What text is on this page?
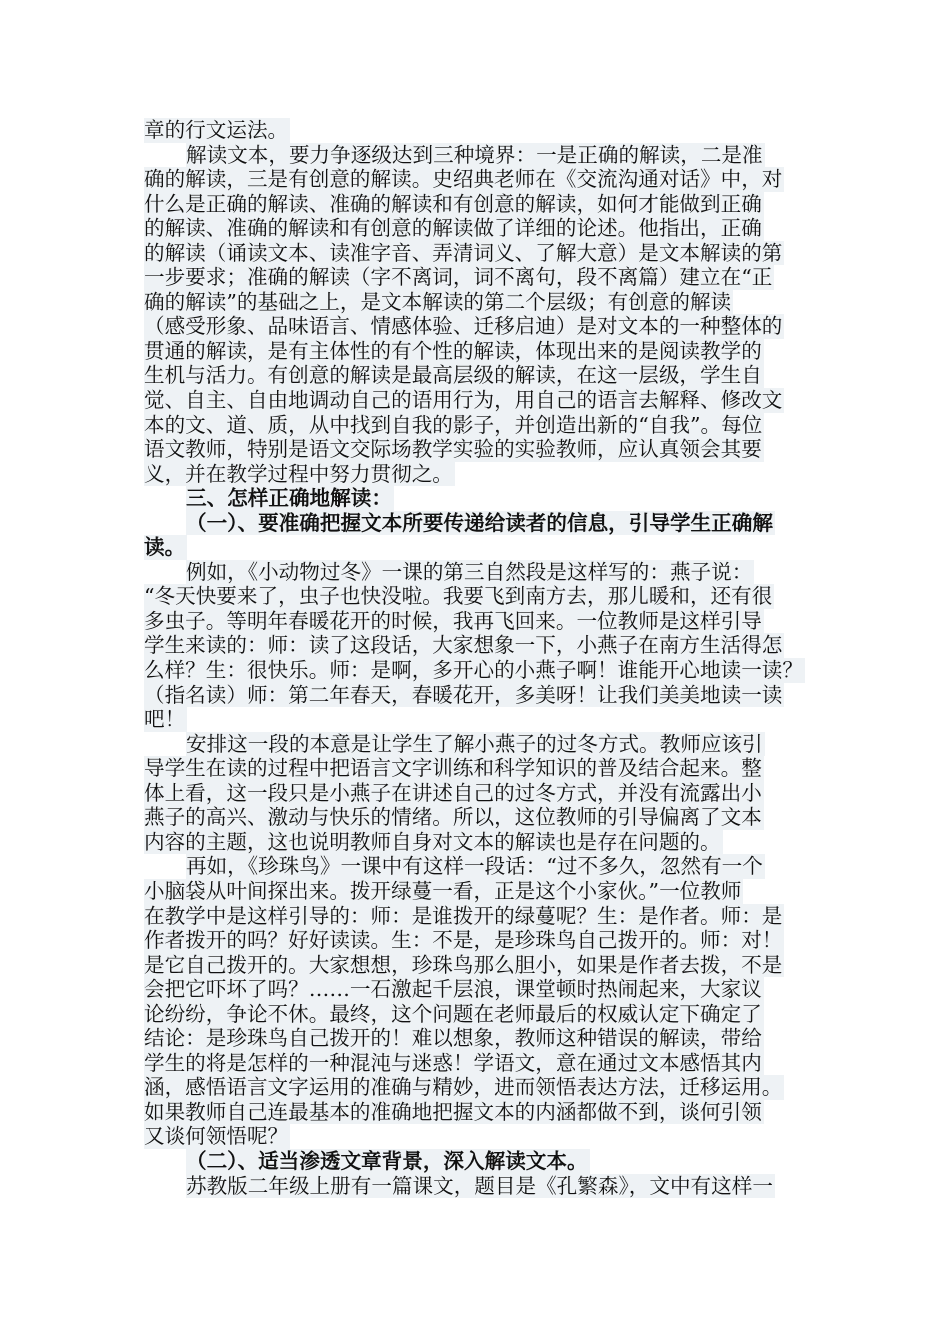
章的行文运法。
解读文本，要力争逐级达到三种境界：一是正确的解读，二是准
确的解读，三是有创意的解读。史绍典老师在《交流沟通对话》中，对
什么是正确的解读、准确的解读和有创意的解读，如何才能做到正确
的解读、准确的解读和有创意的解读做了详细的论述。他指出，正确
的解读（诵读文本、读准字音、弄清词义、了解大意）是文本解读的第
一步要求；准确的解读（字不离词，词不离句，段不离篇）建立在“正
确的解读”的基础之上，是文本解读的第二个层级；有创意的解读
（感受形象、品味语言、情感体验、迁移启迪）是对文本的一种整体的
贯通的解读，是有主体性的有个性的解读，体现出来的是阅读教学的
生机与活力。有创意的解读是最高层级的解读，在这一层级，学生自
觉、自主、自由地调动自己的语用行为，用自己的语言去解释、修改文
本的文、道、质，从中找到自我的影子，并创造出新的“自我”。每位
语文教师，特别是语文交际场教学实验的实验教师，应认真领会其要
义，并在教学过程中努力贯彻之。
三、怎样正确地解读：
（一）、要准确把握文本所要传递给读者的信息，引导学生正确解
读。
例如，《小动物过冬》一课的第三自然段是这样写的：燕子说：
“冬天快要来了，虫子也快没啦。我要飞到南方去，那儿暖和，还有很
多虫子。等明年春暖花开的时候，我再飞回来。一位教师是这样引导
学生来读的：师：读了这段话，大家想象一下，小燕子在南方生活得怎
么样？生：很快乐。师：是啊，多开心的小燕子啊！谁能开心地读一读？
（指名读）师：第二年春天，春暖花开，多美呀！让我们美美地读一读
吧！
安排这一段的本意是让学生了解小燕子的过冬方式。教师应该引
导学生在读的过程中把语言文字训练和科学知识的普及结合起来。整
体上看，这一段只是小燕子在讲述自己的过冬方式，并没有流露出小
燕子的高兴、激动与快乐的情绪。所以，这位教师的引导偏离了文本
内容的主题，这也说明教师自身对文本的解读也是存在问题的。
再如，《珍珠鸟》一课中有这样一段话：“过不多久，忽然有一个
小脑袋从叶间探出来。拨开绿蔓一看，正是这个小家伙。”一位教师
在教学中是这样引导的：师：是谁拨开的绿蔓呢？生：是作者。师：是
作者拨开的吗？好好读读。生：不是，是珍珠鸟自己拨开的。师：对！
是它自己拨开的。大家想想，珍珠鸟那么胆小，如果是作者去拨，不是
会把它吓坏了吗？……一石激起千层浪，课堂顿时热闹起来，大家议
论纷纷，争论不休。最终，这个问题在老师最后的权威认定下确定了
结论：是珍珠鸟自己拨开的！难以想象，教师这种错误的解读，带给
学生的将是怎样的一种混沌与迷惑！学语文，意在通过文本感悟其内
涵，感悟语言文字运用的准确与精妙，进而领悟表达方法，迁移运用。
如果教师自己连最基本的准确地把握文本的内涵都做不到，谈何引领
又谈何领悟呢？
（二）、适当渗透文章背景，深入解读文本。
苏教版二年级上册有一篇课文，题目是《孔繁森》，文中有这样一
